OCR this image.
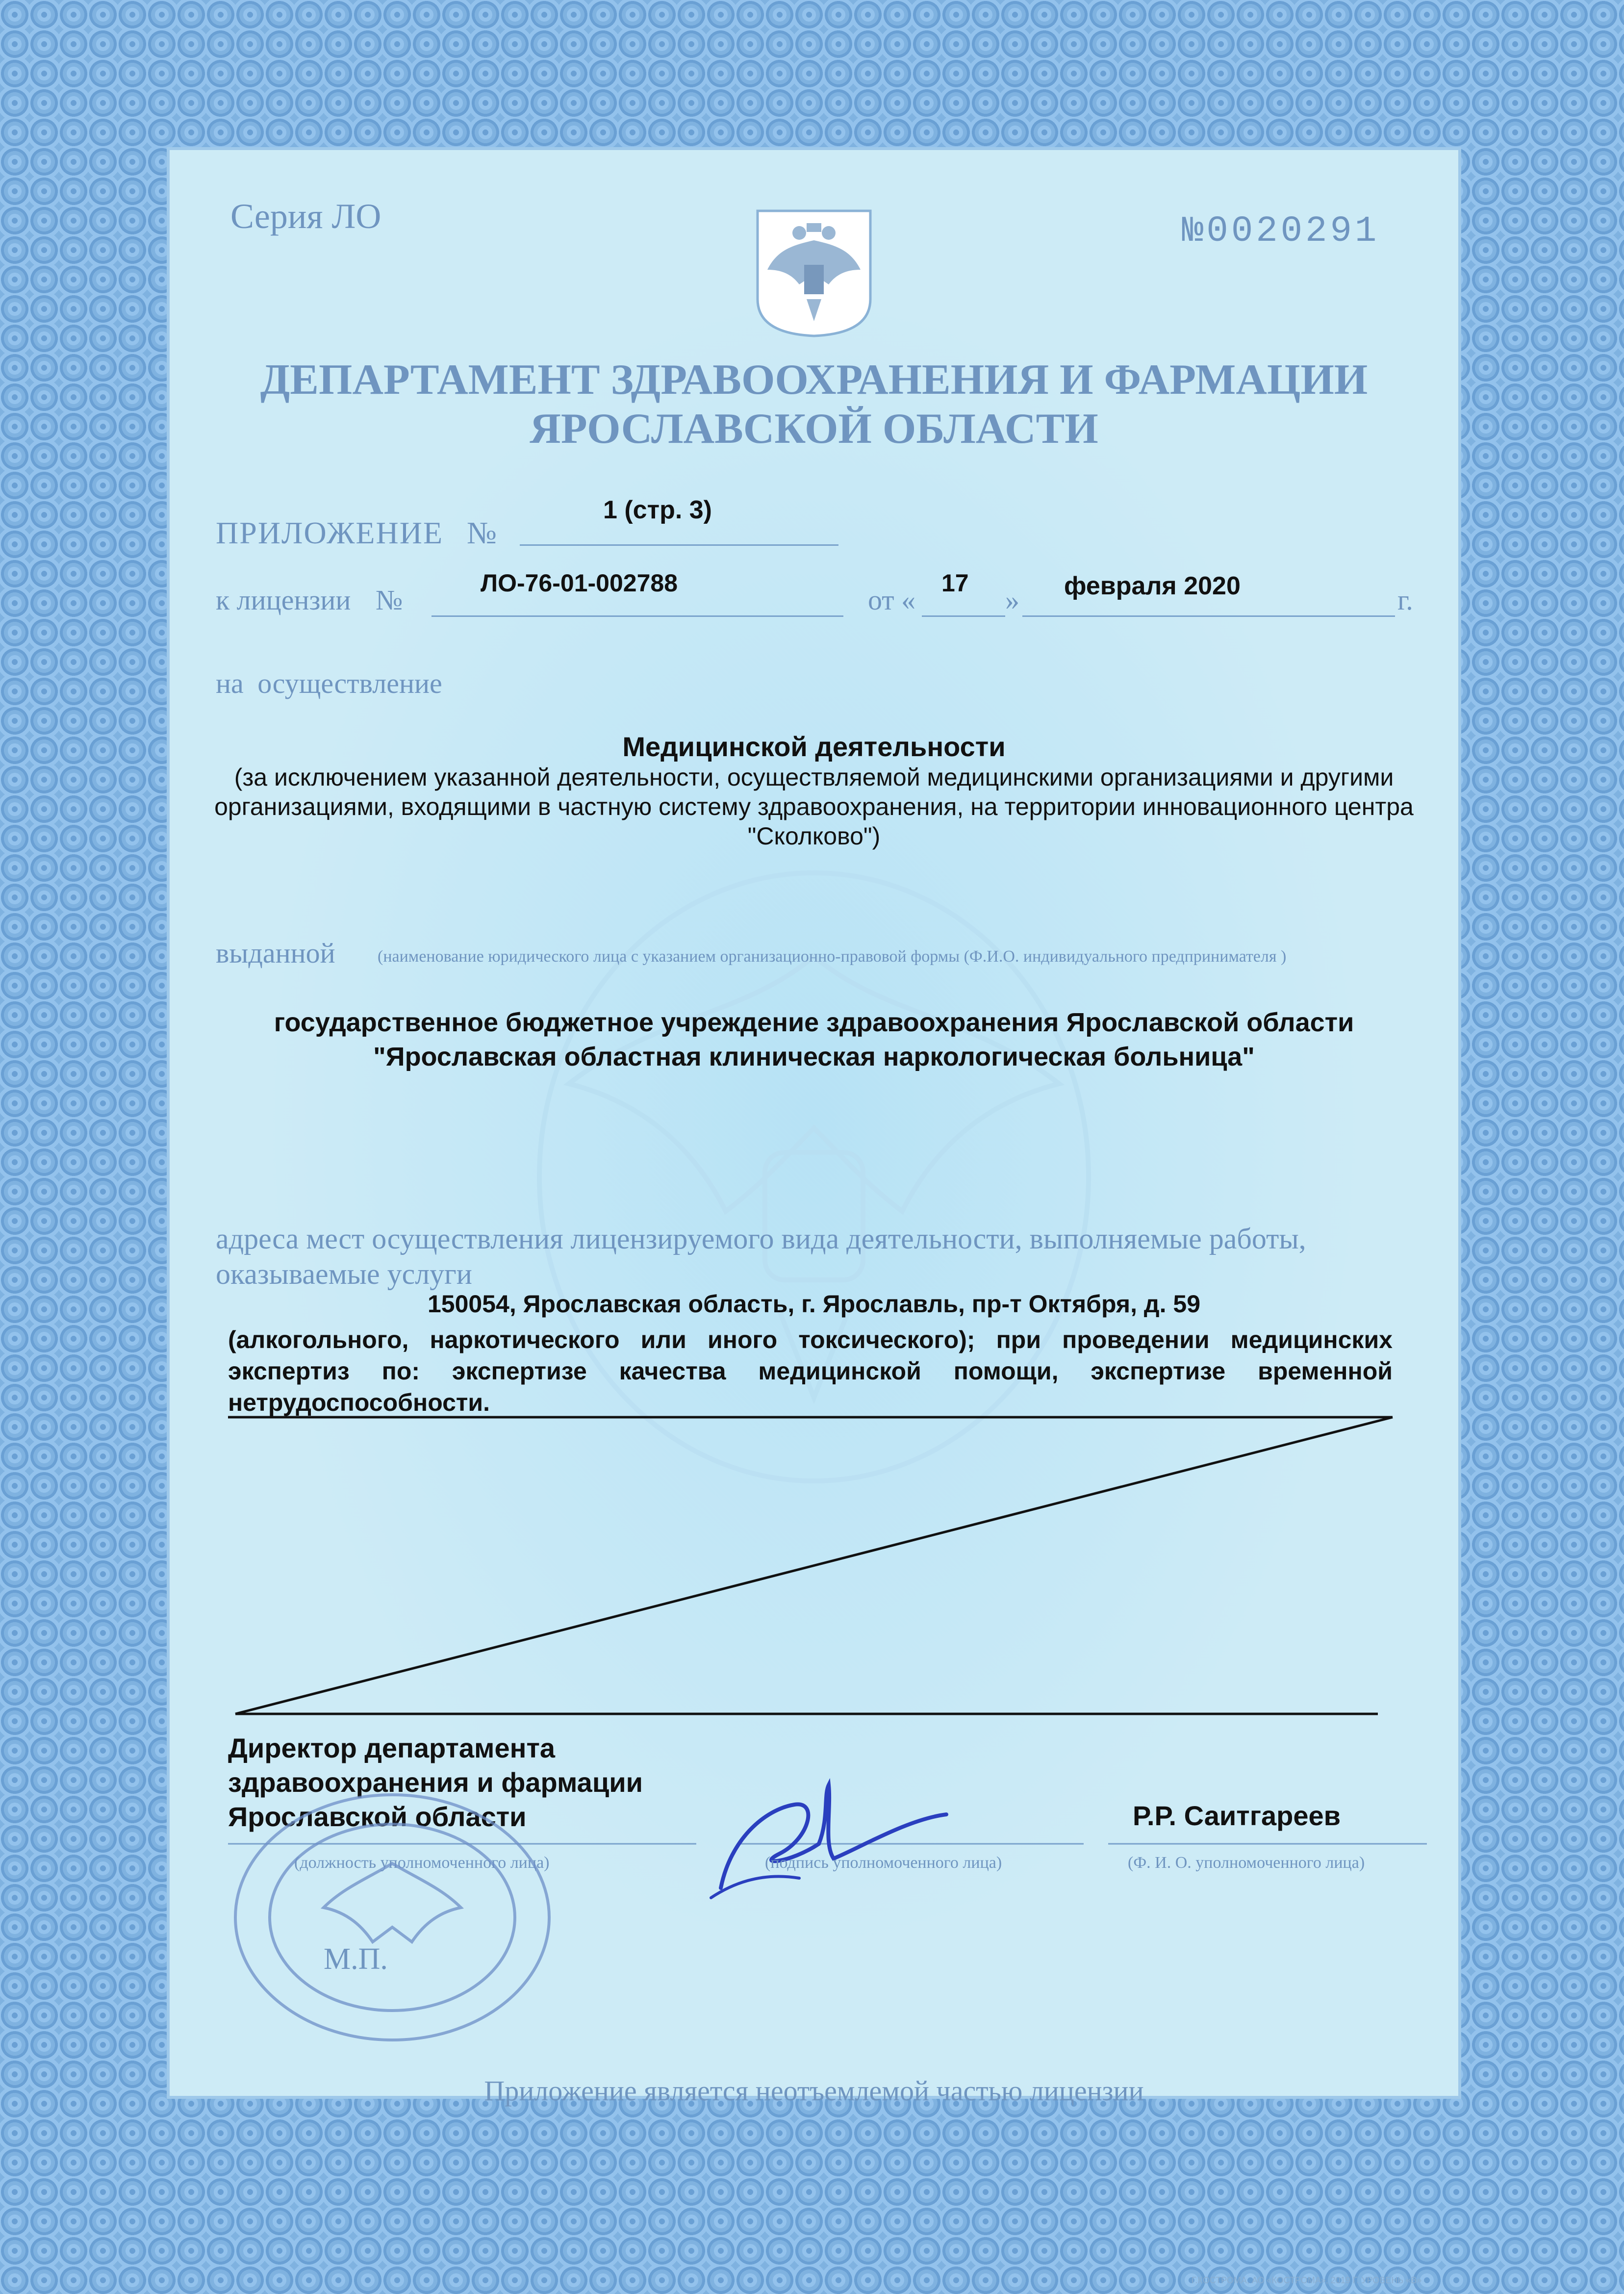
Серия ЛО	№0020291
ДЕПАРТАМЕНТ ЗДРАВООХРАНЕНИЯ И ФАРМАЦИИ
ЯРОСЛАВСКОЙ ОБЛАСТИ
ПРИЛОЖЕНИЕ №
1 (стр. 3)
к лицензии №
ЛО-76-01-002788
от «
17
» февраля 2020	г.
на осуществление
Медицинской деятельности
(за исключением указанной деятельности, осуществляемой медицинскими организациями и другими организациями, входящими в частную систему здравоохранения, на территории инновационного центра "Сколково")
(наименование юридического лица с указанием организационно-правовой формы (Ф.И.О. индивидуального предпринимателя )
выданной
государственное бюджетное учреждение здравоохранения Ярославской области
"Ярославская областная клиническая наркологическая больница"
адреса мест осуществления лицензируемого вида деятельности, выполняемые работы, оказываемые услуги
150054, Ярославская область, г. Ярославль, пр-т Октября, д. 59
(алкогольного, наркотического или иного токсического); при проведении медицинских экспертиз по: экспертизе качества медицинской помощи, экспертизе временной нетрудоспособности.
Директор департамента
здравоохранения и фармации
Ярославской области	Р.Р. Саитгареев
(должность уполномоченного лица)	(подпись уполномоченного лица)	(Ф. И. О. уполномоченного лица)
М.П.
Приложение является неотъемлемой частью лицензии
Г.КОСТРОМА, АО «КОСТРОМА», 2019 Г. УРОВЕНЬ «В»
